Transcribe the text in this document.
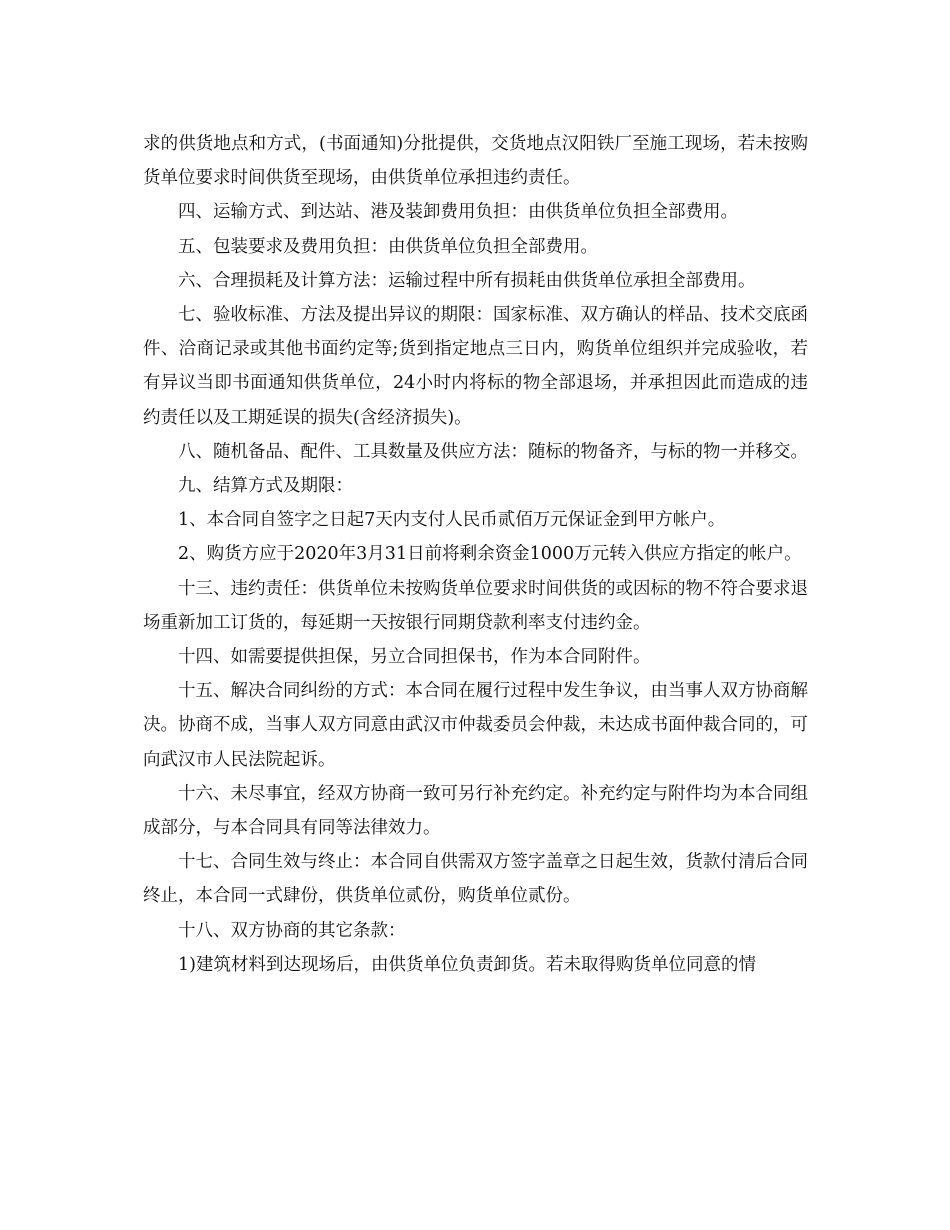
求的供货地点和方式，(书面通知)分批提供，交货地点汉阳铁厂至施工现场，若未按购货单位要求时间供货至现场，由供货单位承担违约责任。

四、运输方式、到达站、港及装卸费用负担：由供货单位负担全部费用。

五、包装要求及费用负担：由供货单位负担全部费用。

六、合理损耗及计算方法：运输过程中所有损耗由供货单位承担全部费用。

七、验收标准、方法及提出异议的期限：国家标准、双方确认的样品、技术交底函件、洽商记录或其他书面约定等;货到指定地点三日内，购货单位组织并完成验收，若有异议当即书面通知供货单位，24小时内将标的物全部退场，并承担因此而造成的违约责任以及工期延误的损失(含经济损失)。

八、随机备品、配件、工具数量及供应方法：随标的物备齐，与标的物一并移交。

九、结算方式及期限：

1、本合同自签字之日起7天内支付人民币贰佰万元保证金到甲方帐户。

2、购货方应于2020年3月31日前将剩余资金1000万元转入供应方指定的帐户。

十三、违约责任：供货单位未按购货单位要求时间供货的或因标的物不符合要求退场重新加工订货的，每延期一天按银行同期贷款利率支付违约金。

十四、如需要提供担保，另立合同担保书，作为本合同附件。

十五、解决合同纠纷的方式：本合同在履行过程中发生争议，由当事人双方协商解决。协商不成，当事人双方同意由武汉市仲裁委员会仲裁，未达成书面仲裁合同的，可向武汉市人民法院起诉。

十六、未尽事宜，经双方协商一致可另行补充约定。补充约定与附件均为本合同组成部分，与本合同具有同等法律效力。

十七、合同生效与终止：本合同自供需双方签字盖章之日起生效，货款付清后合同终止，本合同一式肆份，供货单位贰份，购货单位贰份。

十八、双方协商的其它条款：

1)建筑材料到达现场后，由供货单位负责卸货。若未取得购货单位同意的情
